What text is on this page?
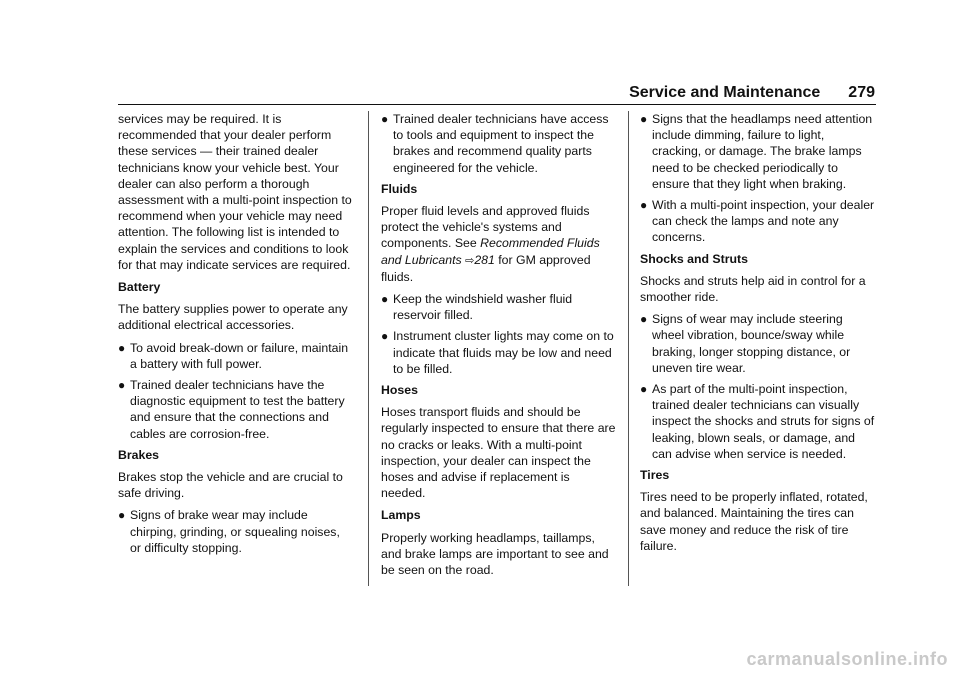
Service and Maintenance 279

services may be required. It is recommended that your dealer perform these services — their trained dealer technicians know your vehicle best. Your dealer can also perform a thorough assessment with a multi-point inspection to recommend when your vehicle may need attention. The following list is intended to explain the services and conditions to look for that may indicate services are required.

Battery

The battery supplies power to operate any additional electrical accessories.

● To avoid break-down or failure, maintain a battery with full power.
● Trained dealer technicians have the diagnostic equipment to test the battery and ensure that the connections and cables are corrosion-free.
Brakes

Brakes stop the vehicle and are crucial to safe driving.

● Signs of brake wear may include chirping, grinding, or squealing noises, or difficulty stopping.
● Trained dealer technicians have access to tools and equipment to inspect the brakes and recommend quality parts engineered for the vehicle.
Fluids

Proper fluid levels and approved fluids protect the vehicle's systems and components. See Recommended Fluids and Lubricants ⇨281 for GM approved fluids.

● Keep the windshield washer fluid reservoir filled.
● Instrument cluster lights may come on to indicate that fluids may be low and need to be filled.
Hoses

Hoses transport fluids and should be regularly inspected to ensure that there are no cracks or leaks. With a multi-point inspection, your dealer can inspect the hoses and advise if replacement is needed.

Lamps

Properly working headlamps, taillamps, and brake lamps are important to see and be seen on the road.

● Signs that the headlamps need attention include dimming, failure to light, cracking, or damage. The brake lamps need to be checked periodically to ensure that they light when braking.
● With a multi-point inspection, your dealer can check the lamps and note any concerns.
Shocks and Struts

Shocks and struts help aid in control for a smoother ride.

● Signs of wear may include steering wheel vibration, bounce/sway while braking, longer stopping distance, or uneven tire wear.
● As part of the multi-point inspection, trained dealer technicians can visually inspect the shocks and struts for signs of leaking, blown seals, or damage, and can advise when service is needed.
Tires

Tires need to be properly inflated, rotated, and balanced. Maintaining the tires can save money and reduce the risk of tire failure.

carmanualsonline.info
